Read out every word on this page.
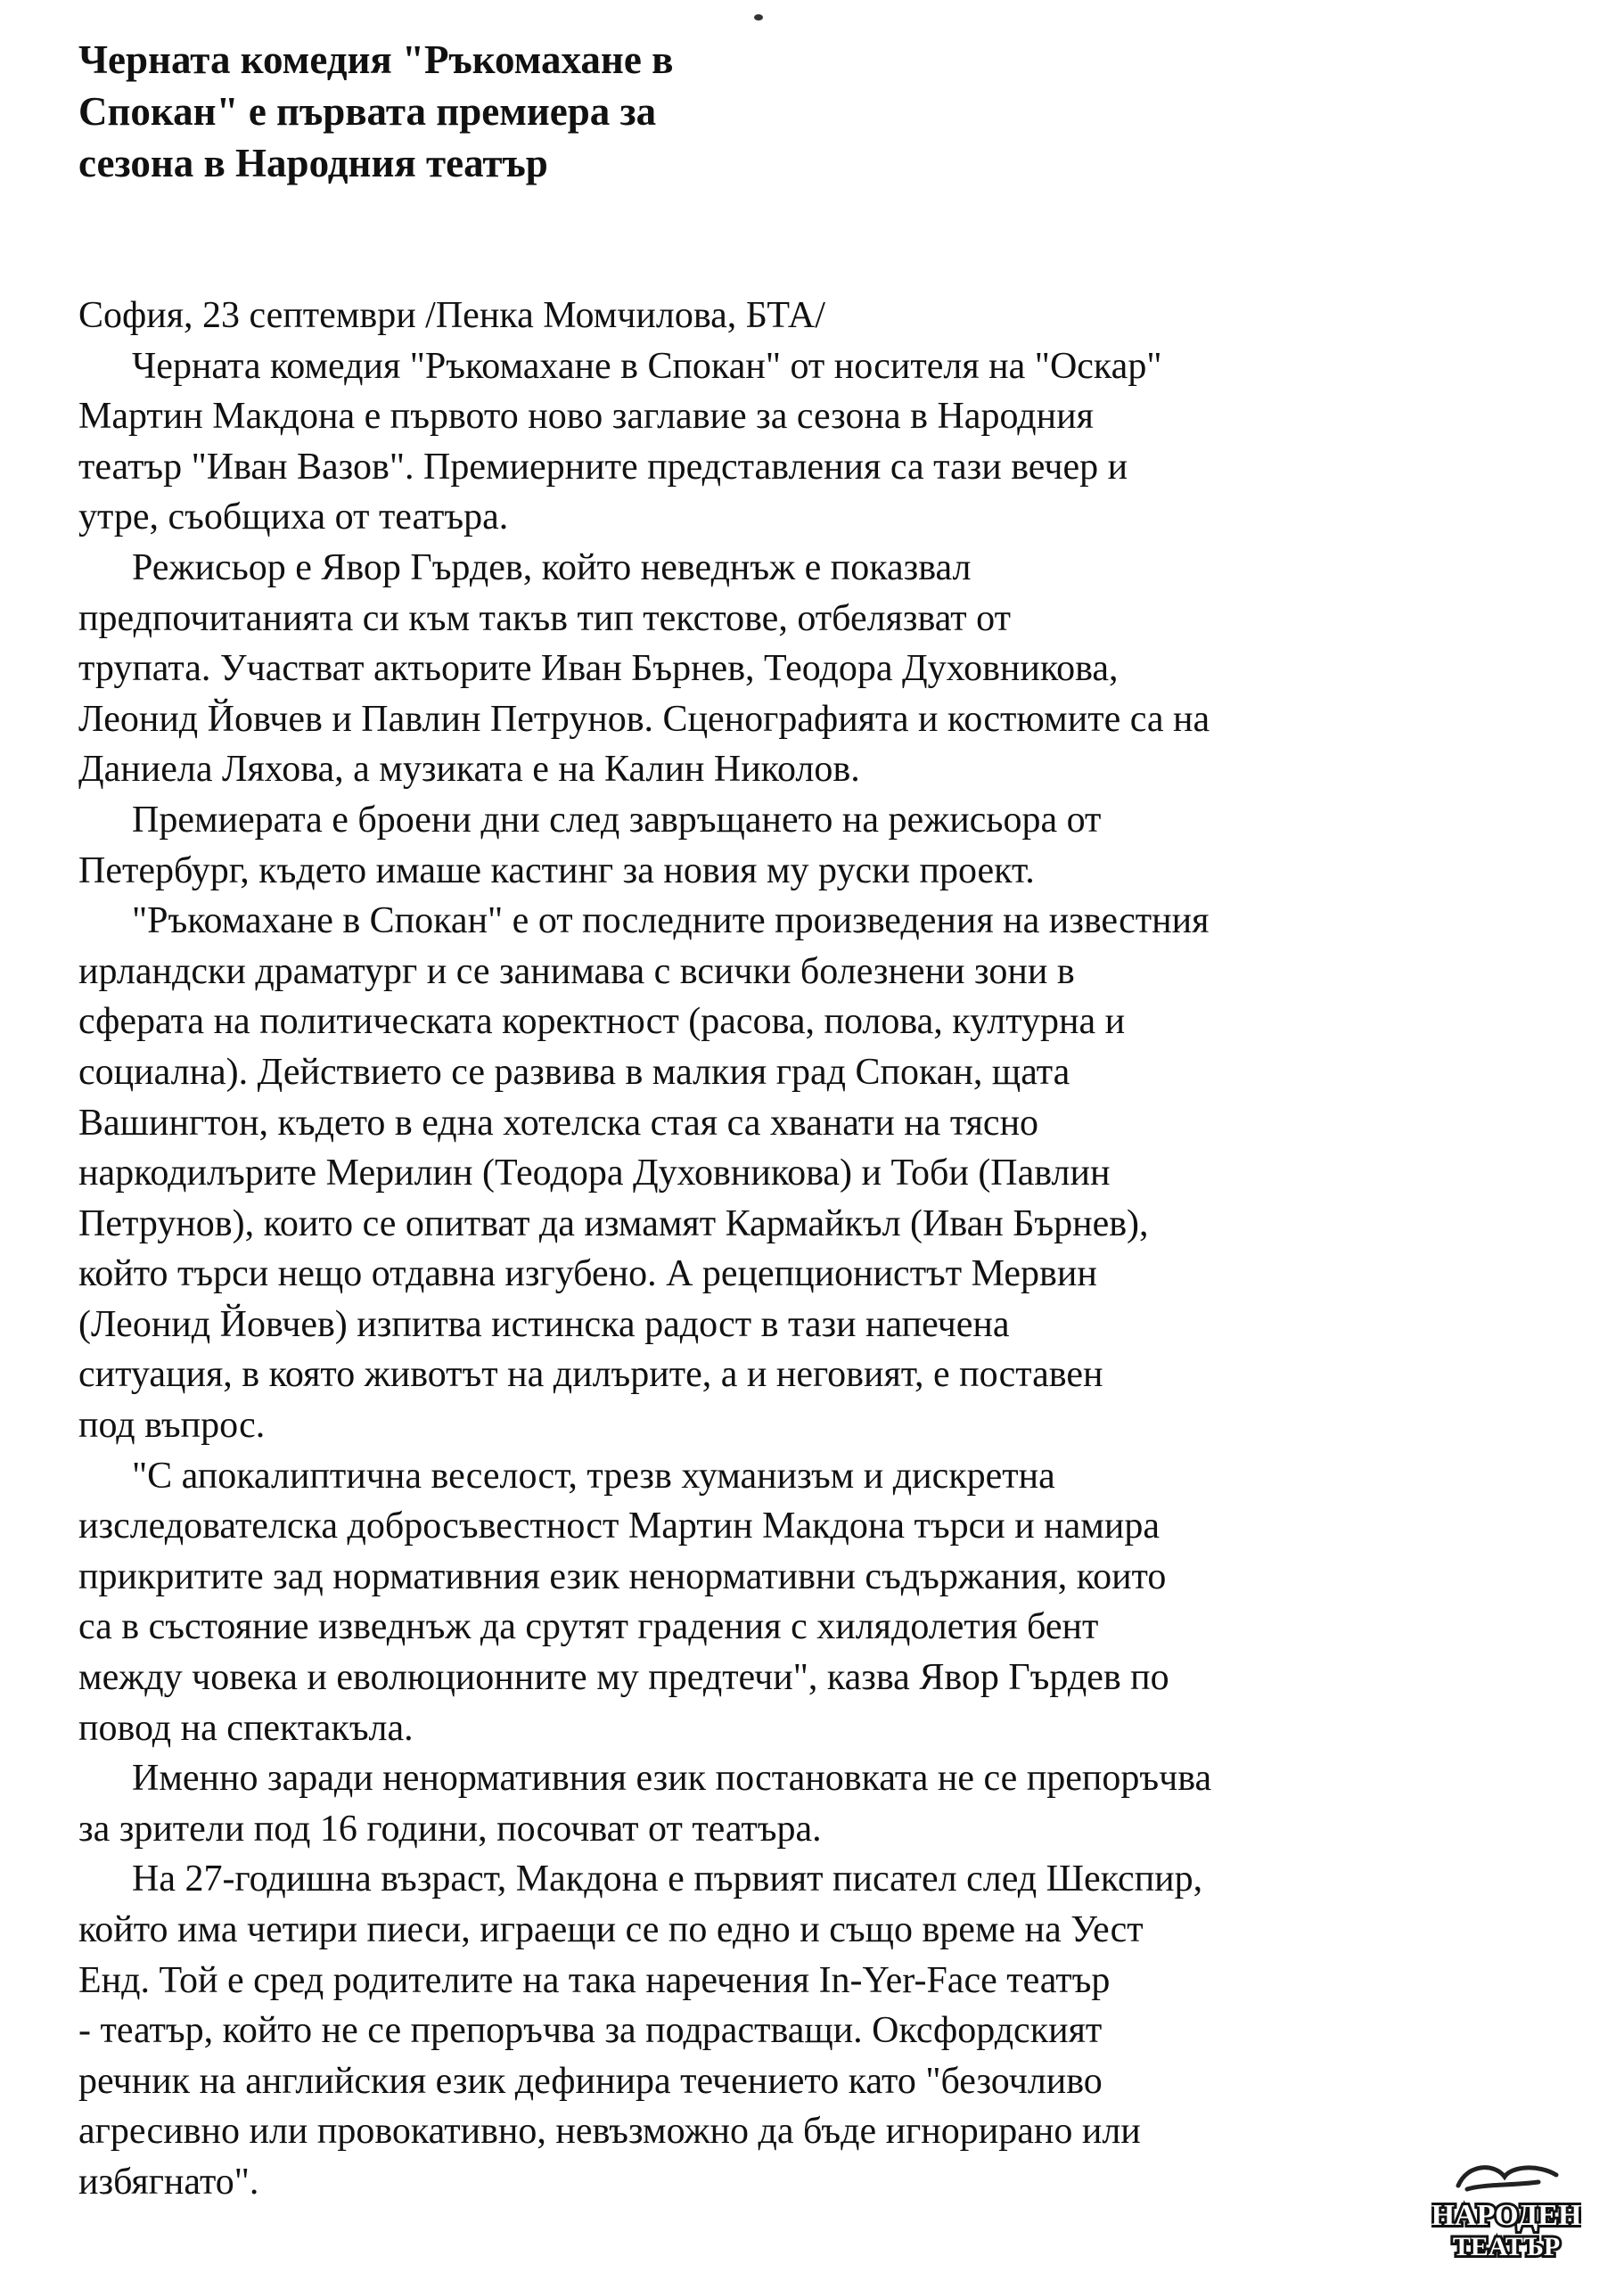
Черната комедия "Ръкомахане в
Спокан" е първата премиера за
сезона в Народния театър
София, 23 септември /Пенка Момчилова, БТА/
Черната комедия "Ръкомахане в Спокан" от носителя на "Оскар"
Мартин Макдона е първото ново заглавие за сезона в Народния
театър "Иван Вазов". Премиерните представления са тази вечер и
утре, съобщиха от театъра.
Режисьор е Явор Гърдев, който неведнъж е показвал
предпочитанията си към такъв тип текстове, отбелязват от
трупата. Участват актьорите Иван Бърнев, Теодора Духовникова,
Леонид Йовчев и Павлин Петрунов. Сценографията и костюмите са на
Даниела Ляхова, а музиката е на Калин Николов.
Премиерата е броени дни след завръщането на режисьора от
Петербург, където имаше кастинг за новия му руски проект.
"Ръкомахане в Спокан" е от последните произведения на известния
ирландски драматург и се занимава с всички болезнени зони в
сферата на политическата коректност (расова, полова, културна и
социална). Действието се развива в малкия град Спокан, щата
Вашингтон, където в една хотелска стая са хванати на тясно
наркодилърите Мерилин (Теодора Духовникова) и Тоби (Павлин
Петрунов), които се опитват да измамят Кармайкъл (Иван Бърнев),
който търси нещо отдавна изгубено. А рецепционистът Мервин
(Леонид Йовчев) изпитва истинска радост в тази напечена
ситуация, в която животът на дилърите, а и неговият, е поставен
под въпрос.
"С апокалиптична веселост, трезв хуманизъм и дискретна
изследователска добросъвестност Мартин Макдона търси и намира
прикритите зад нормативния език ненормативни съдържания, които
са в състояние изведнъж да срутят градения с хилядолетия бент
между човека и еволюционните му предтечи", казва Явор Гърдев по
повод на спектакъла.
Именно заради ненормативния език постановката не се препоръчва
за зрители под 16 години, посочват от театъра.
На 27-годишна възраст, Макдона е първият писател след Шекспир,
който има четири пиеси, играещи се по едно и също време на Уест
Енд. Той е сред родителите на така наречения In-Yer-Face театър
- театър, който не се препоръчва за подрастващи. Оксфордският
речник на английския език дефинира течението като "безочливо
агресивно или провокативно, невъзможно да бъде игнорирано или
избягнато".
НАРОДЕН
ТЕАТЪР
